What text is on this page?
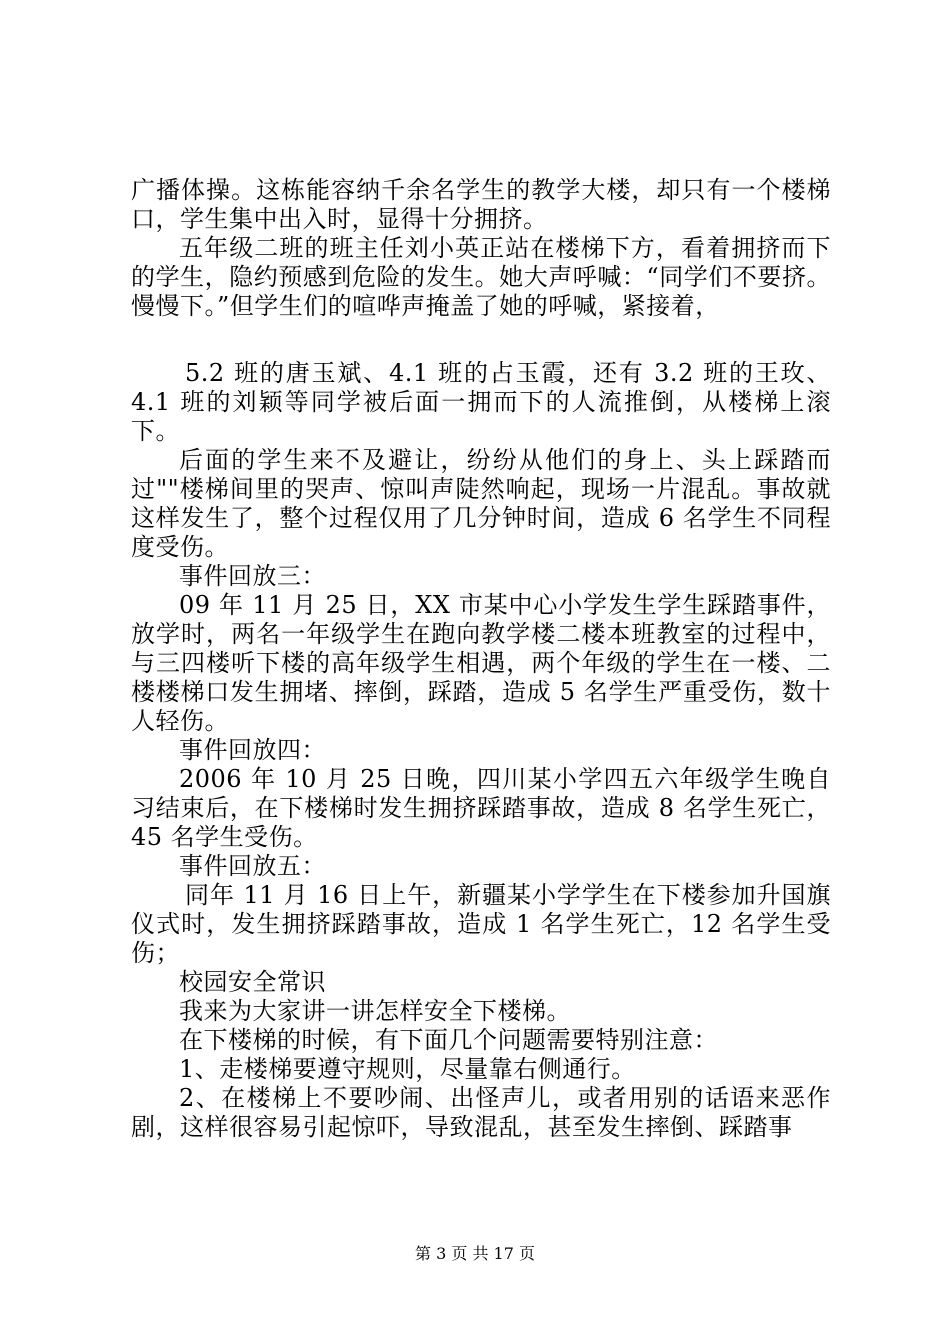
广播体操。这栋能容纳千余名学生的教学大楼，却只有一个楼梯口，学生集中出入时，显得十分拥挤。

五年级二班的班主任刘小英正站在楼梯下方，看着拥挤而下的学生，隐约预感到危险的发生。她大声呼喊：“同学们不要挤。慢慢下。”但学生们的喧哗声掩盖了她的呼喊，紧接着，

5.2 班的唐玉斌、4.1 班的占玉霞，还有 3.2 班的王玫、4.1 班的刘颖等同学被后面一拥而下的人流推倒，从楼梯上滚下。

后面的学生来不及避让，纷纷从他们的身上、头上踩踏而过""楼梯间里的哭声、惊叫声陡然响起，现场一片混乱。事故就这样发生了，整个过程仅用了几分钟时间，造成 6 名学生不同程度受伤。

事件回放三：

09 年 11 月 25 日，XX 市某中心小学发生学生踩踏事件，放学时，两名一年级学生在跑向教学楼二楼本班教室的过程中，与三四楼听下楼的高年级学生相遇，两个年级的学生在一楼、二楼楼梯口发生拥堵、摔倒，踩踏，造成 5 名学生严重受伤，数十人轻伤。

事件回放四：

2006 年 10 月 25 日晚，四川某小学四五六年级学生晚自习结束后，在下楼梯时发生拥挤踩踏事故，造成 8 名学生死亡，45 名学生受伤。

事件回放五：

同年 11 月 16 日上午，新疆某小学学生在下楼参加升国旗仪式时，发生拥挤踩踏事故，造成 1 名学生死亡，12 名学生受伤；

校园安全常识

我来为大家讲一讲怎样安全下楼梯。

在下楼梯的时候，有下面几个问题需要特别注意：

1、走楼梯要遵守规则，尽量靠右侧通行。

2、在楼梯上不要吵闹、出怪声儿，或者用别的话语来恶作剧，这样很容易引起惊吓，导致混乱，甚至发生摔倒、踩踏事

第 3 页 共 17 页
